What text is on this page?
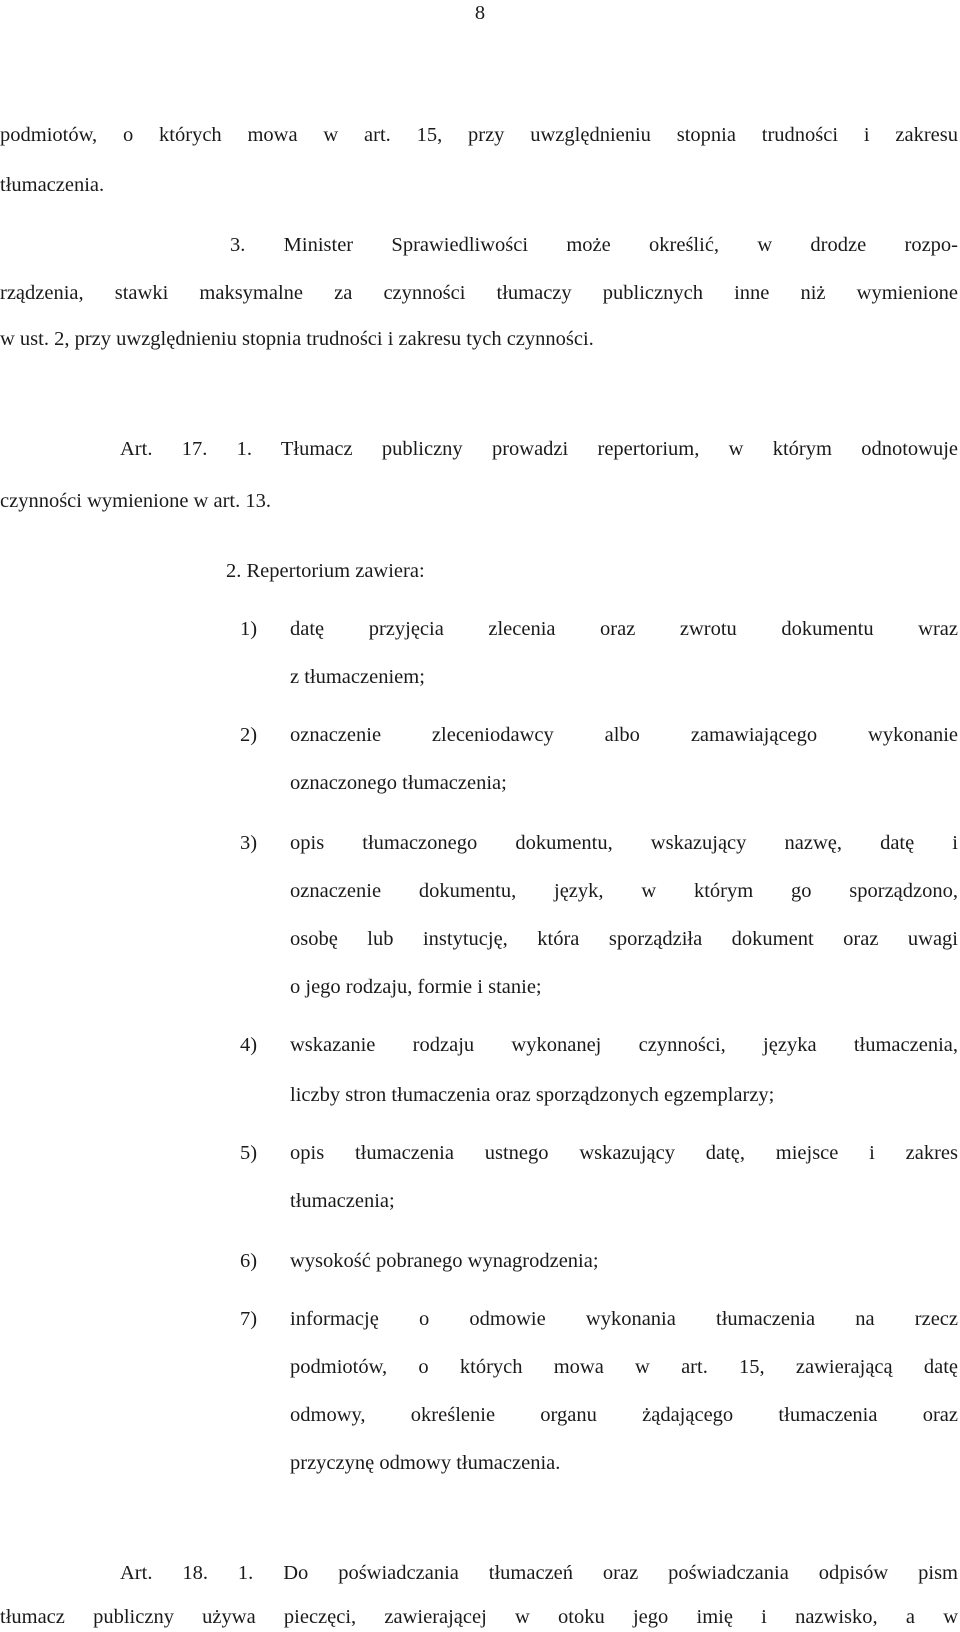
8

podmiotów, o których mowa w art. 15, przy uwzględnieniu stopnia trudności i zakresu

tłumaczenia.

3. Minister Sprawiedliwości może określić, w drodze rozpo-

rządzenia, stawki maksymalne za czynności tłumaczy publicznych inne niż wymienione

w ust. 2, przy uwzględnieniu stopnia trudności i zakresu tych czynności.

Art. 17. 1. Tłumacz publiczny prowadzi repertorium, w którym odnotowuje

czynności wymienione w art. 13.

2. Repertorium zawiera:

1) datę przyjęcia zlecenia oraz zwrotu dokumentu wraz

z tłumaczeniem;

2) oznaczenie zleceniodawcy albo zamawiającego wykonanie

oznaczonego tłumaczenia;

3) opis tłumaczonego dokumentu, wskazujący nazwę, datę i

oznaczenie dokumentu, język, w którym go sporządzono,

osobę lub instytucję, która sporządziła dokument oraz uwagi

o jego rodzaju, formie i stanie;

4) wskazanie rodzaju wykonanej czynności, języka tłumaczenia,

liczby stron tłumaczenia oraz sporządzonych egzemplarzy;

5) opis tłumaczenia ustnego wskazujący datę, miejsce i zakres

tłumaczenia;

6) wysokość pobranego wynagrodzenia;

7) informację o odmowie wykonania tłumaczenia na rzecz

podmiotów, o których mowa w art. 15, zawierającą datę

odmowy, określenie organu żądającego tłumaczenia oraz

przyczynę odmowy tłumaczenia.

Art. 18. 1. Do poświadczania tłumaczeń oraz poświadczania odpisów pism

tłumacz publiczny używa pieczęci, zawierającej w otoku jego imię i nazwisko, a w
